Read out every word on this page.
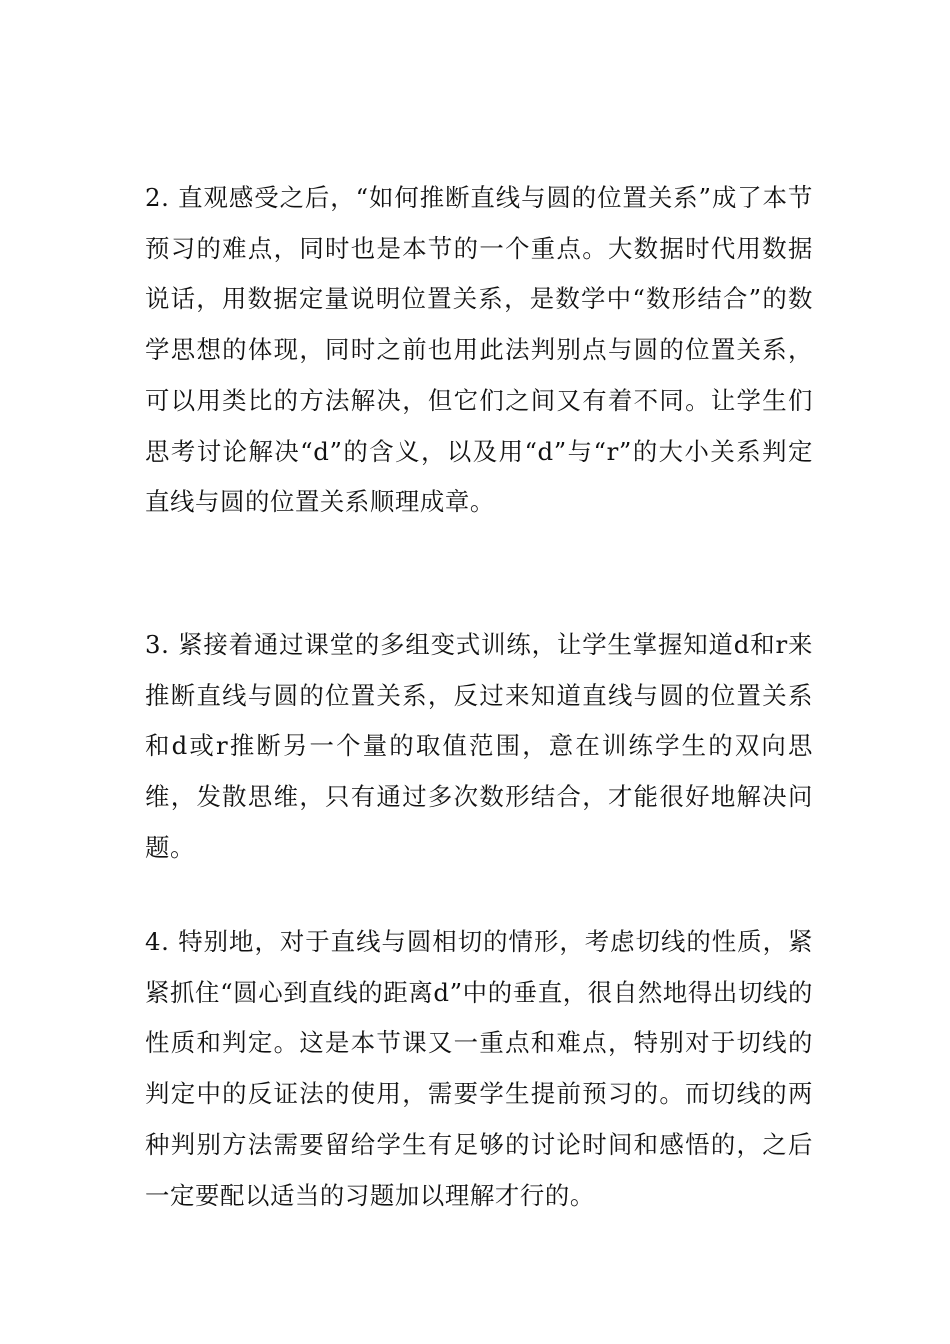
2. 直观感受之后，“如何推断直线与圆的位置关系”成了本节预习的难点，同时也是本节的一个重点。大数据时代用数据说话，用数据定量说明位置关系，是数学中“数形结合”的数学思想的体现，同时之前也用此法判别点与圆的位置关系，可以用类比的方法解决，但它们之间又有着不同。让学生们思考讨论解决“d”的含义，以及用“d”与“r”的大小关系判定直线与圆的位置关系顺理成章。

3. 紧接着通过课堂的多组变式训练，让学生掌握知道d和r来推断直线与圆的位置关系，反过来知道直线与圆的位置关系和d或r推断另一个量的取值范围，意在训练学生的双向思维，发散思维，只有通过多次数形结合，才能很好地解决问题。

4. 特别地，对于直线与圆相切的情形，考虑切线的性质，紧紧抓住“圆心到直线的距离d”中的垂直，很自然地得出切线的性质和判定。这是本节课又一重点和难点，特别对于切线的判定中的反证法的使用，需要学生提前预习的。而切线的两种判别方法需要留给学生有足够的讨论时间和感悟的，之后一定要配以适当的习题加以理解才行的。
